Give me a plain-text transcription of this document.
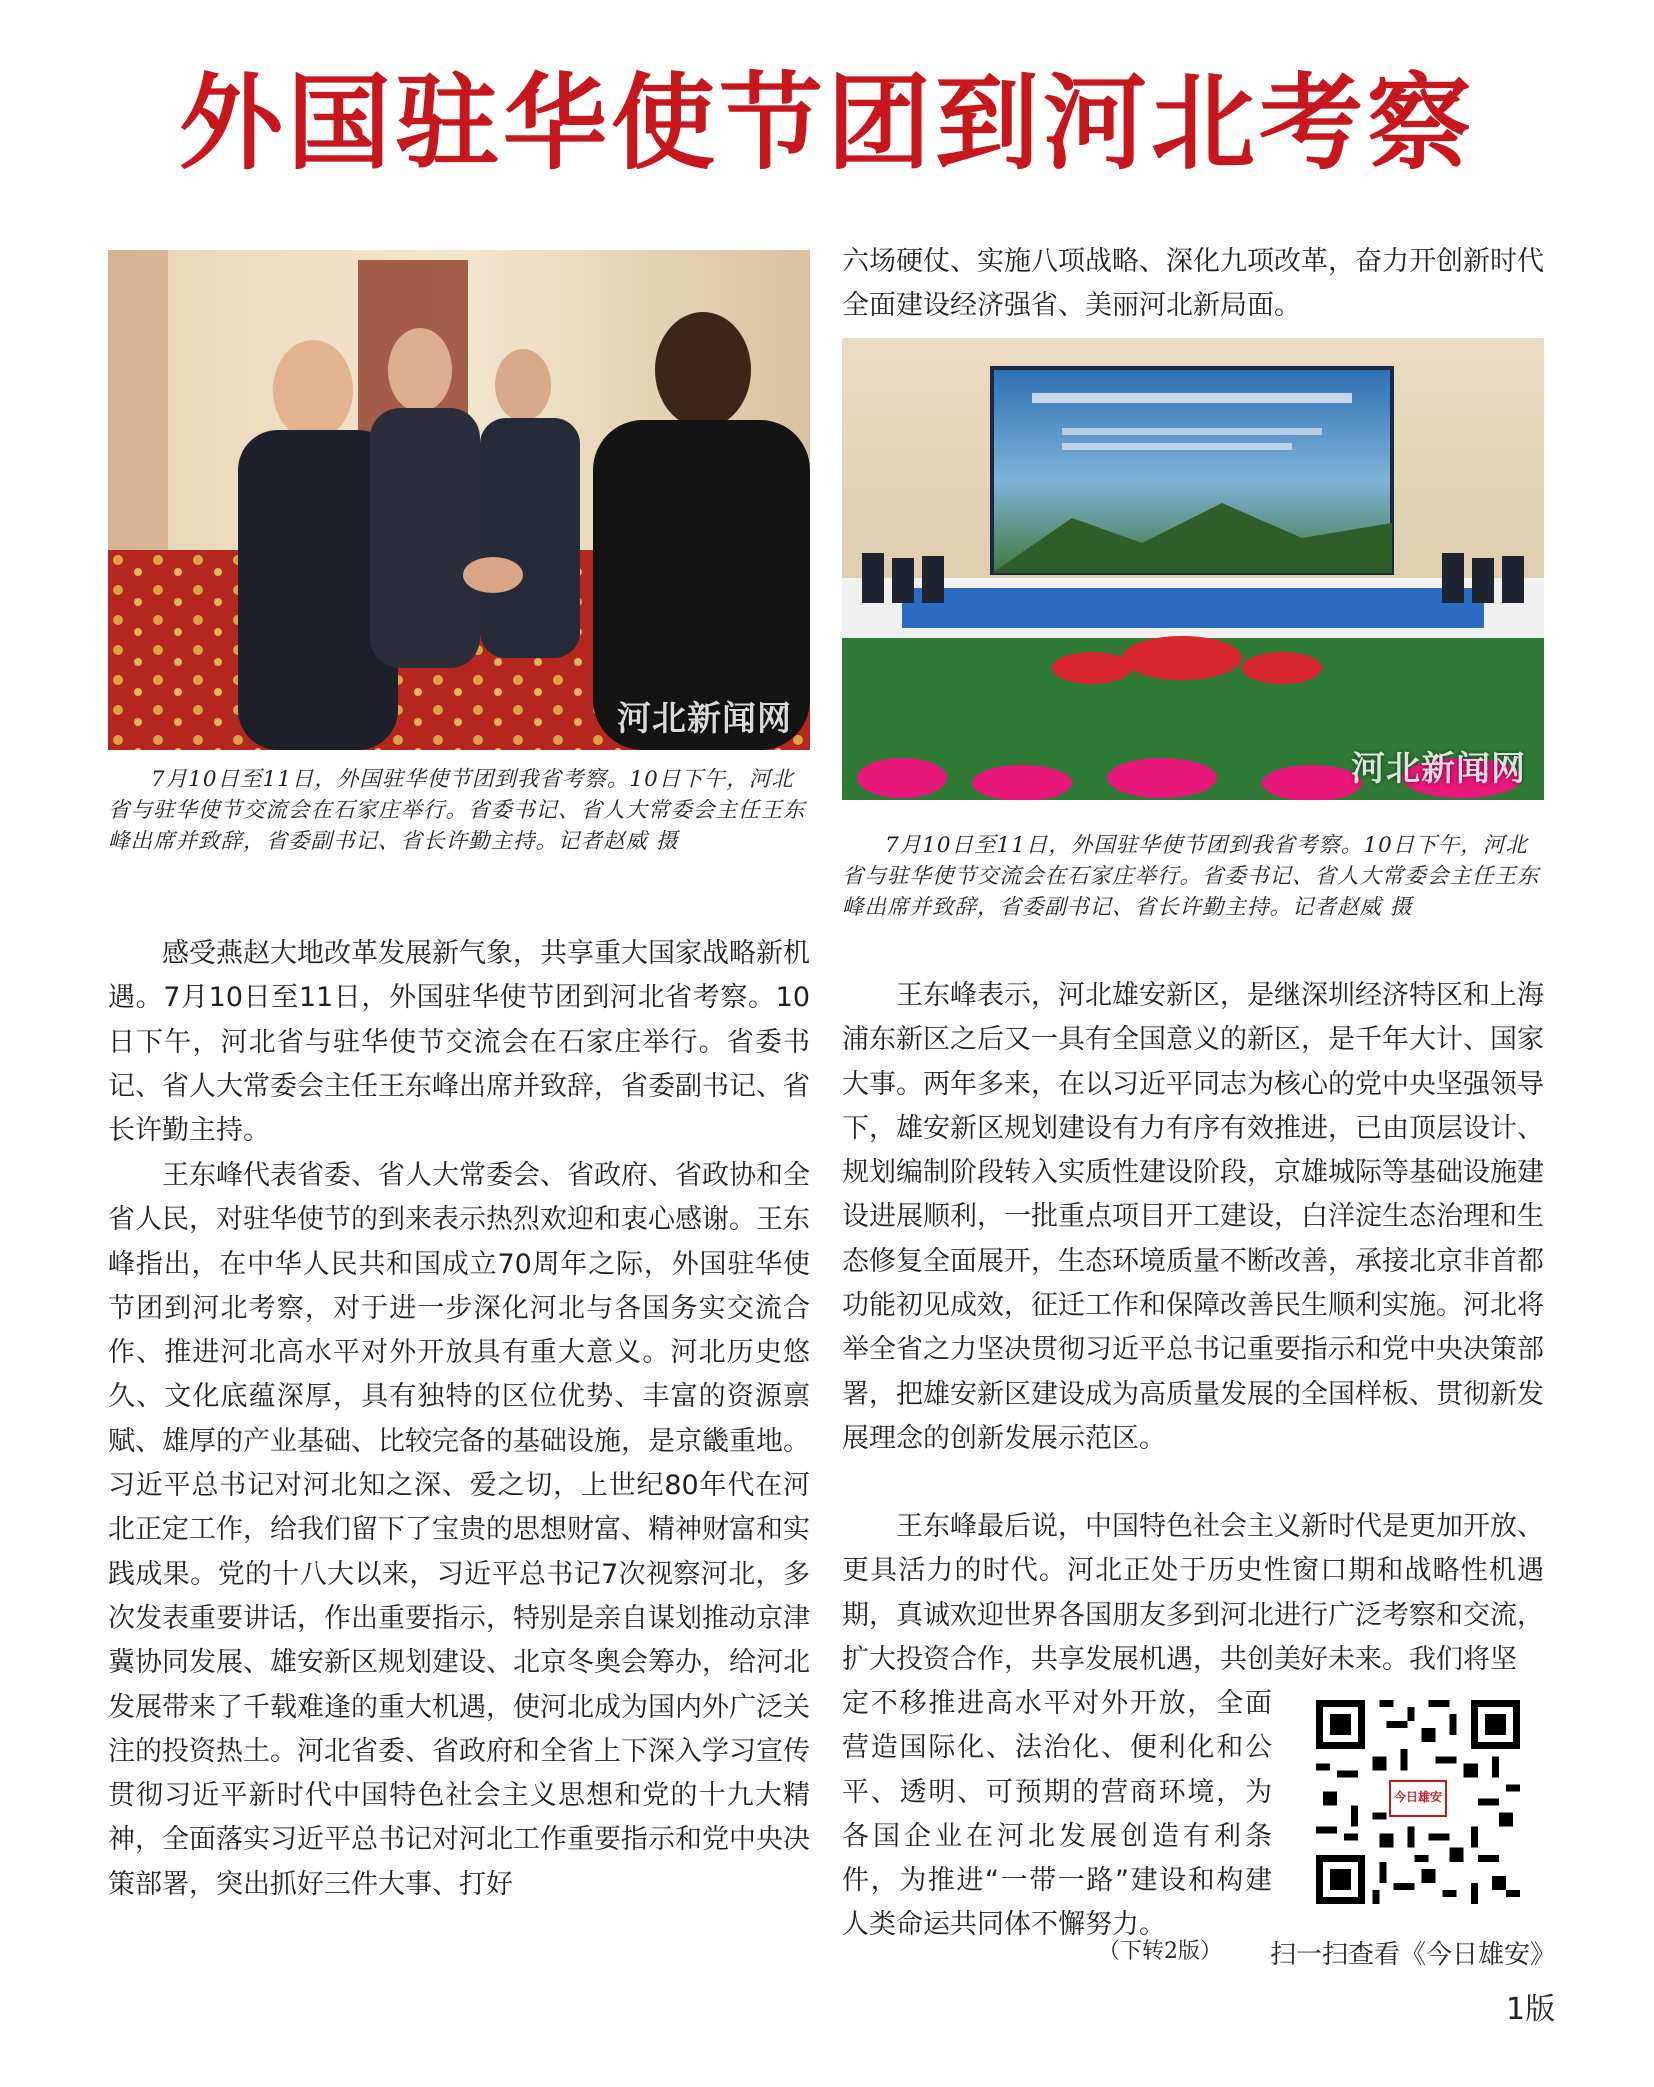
外国驻华使节团到河北考察
河北新闻网

7月10日至11日，外国驻华使节团到我省考察。10日下午，河北省与驻华使节交流会在石家庄举行。省委书记、省人大常委会主任王东峰出席并致辞，省委副书记、省长许勤主持。记者赵威 摄

感受燕赵大地改革发展新气象，共享重大国家战略新机遇。7月10日至11日，外国驻华使节团到河北省考察。10日下午，河北省与驻华使节交流会在石家庄举行。省委书记、省人大常委会主任王东峰出席并致辞，省委副书记、省长许勤主持。

王东峰代表省委、省人大常委会、省政府、省政协和全省人民，对驻华使节的到来表示热烈欢迎和衷心感谢。王东峰指出，在中华人民共和国成立70周年之际，外国驻华使节团到河北考察，对于进一步深化河北与各国务实交流合作、推进河北高水平对外开放具有重大意义。河北历史悠久、文化底蕴深厚，具有独特的区位优势、丰富的资源禀赋、雄厚的产业基础、比较完备的基础设施，是京畿重地。习近平总书记对河北知之深、爱之切，上世纪80年代在河北正定工作，给我们留下了宝贵的思想财富、精神财富和实践成果。党的十八大以来，习近平总书记7次视察河北，多次发表重要讲话，作出重要指示，特别是亲自谋划推动京津冀协同发展、雄安新区规划建设、北京冬奥会筹办，给河北发展带来了千载难逢的重大机遇，使河北成为国内外广泛关注的投资热土。河北省委、省政府和全省上下深入学习宣传贯彻习近平新时代中国特色社会主义思想和党的十九大精神，全面落实习近平总书记对河北工作重要指示和党中央决策部署，突出抓好三件大事、打好

六场硬仗、实施八项战略、深化九项改革，奋力开创新时代全面建设经济强省、美丽河北新局面。

河北新闻网

7月10日至11日，外国驻华使节团到我省考察。10日下午，河北省与驻华使节交流会在石家庄举行。省委书记、省人大常委会主任王东峰出席并致辞，省委副书记、省长许勤主持。记者赵威 摄

王东峰表示，河北雄安新区，是继深圳经济特区和上海浦东新区之后又一具有全国意义的新区，是千年大计、国家大事。两年多来，在以习近平同志为核心的党中央坚强领导下，雄安新区规划建设有力有序有效推进，已由顶层设计、规划编制阶段转入实质性建设阶段，京雄城际等基础设施建设进展顺利，一批重点项目开工建设，白洋淀生态治理和生态修复全面展开，生态环境质量不断改善，承接北京非首都功能初见成效，征迁工作和保障改善民生顺利实施。河北将举全省之力坚决贯彻习近平总书记重要指示和党中央决策部署，把雄安新区建设成为高质量发展的全国样板、贯彻新发展理念的创新发展示范区。

王东峰最后说，中国特色社会主义新时代是更加开放、更具活力的时代。河北正处于历史性窗口期和战略性机遇期，真诚欢迎世界各国朋友多到河北进行广泛考察和交流，扩大投资合作，共享发展机遇，共创美好未来。我们将坚

定不移推进高水平对外开放，全面营造国际化、法治化、便利化和公平、透明、可预期的营商环境，为各国企业在河北发展创造有利条件，为推进“一带一路”建设和构建人类命运共同体不懈努力。

今日雄安

（下转2版） 扫一扫查看《今日雄安》

1版
